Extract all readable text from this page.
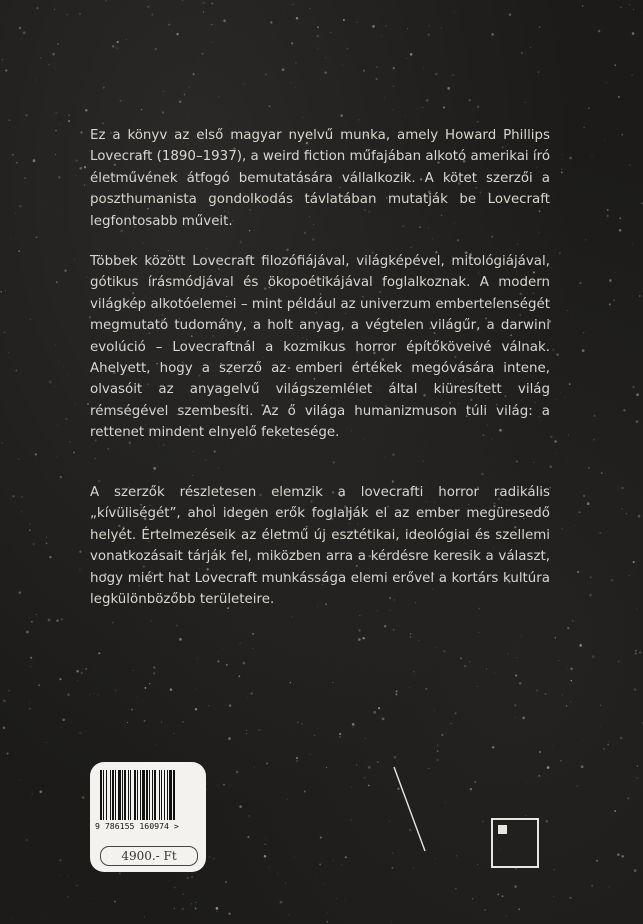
Ez a könyv az első magyar nyelvű munka, amely Howard Phillips Lovecraft (1890–1937), a weird fiction műfajában alkotó amerikai író életművének átfogó bemutatására vállalkozik. A kötet szerzői a poszthumanista gondolkodás távlatában mutatják be Lovecraft legfontosabb műveit.

Többek között Lovecraft filozófiájával, világképével, mitológiájával, gótikus írásmódjával és ökopoétikájával foglalkoznak. A modern világkép alkotóelemei – mint például az univerzum embertelenségét megmutató tudomány, a holt anyag, a végtelen világűr, a darwini evolúció – Lovecraftnál a kozmikus horror építőköveivé válnak. Ahelyett, hogy a szerző az emberi értékek megóvására intene, olvasóit az anyagelvű világszemlélet által kiüresített világ rémségével szembesíti. Az ő világa humanizmuson túli világ: a rettenet mindent elnyelő feketesége.

A szerzők részletesen elemzik a lovecrafti horror radikális „kívüliségét”, ahol idegen erők foglalják el az ember megüresedő helyét. Értelmezéseik az életmű új esztétikai, ideológiai és szellemi vonatkozásait tárják fel, miközben arra a kérdésre keresik a választ, hogy miért hat Lovecraft munkássága elemi erővel a kortárs kultúra legkülönbözőbb területeire.

9 786155 160974 >
4900.- Ft
